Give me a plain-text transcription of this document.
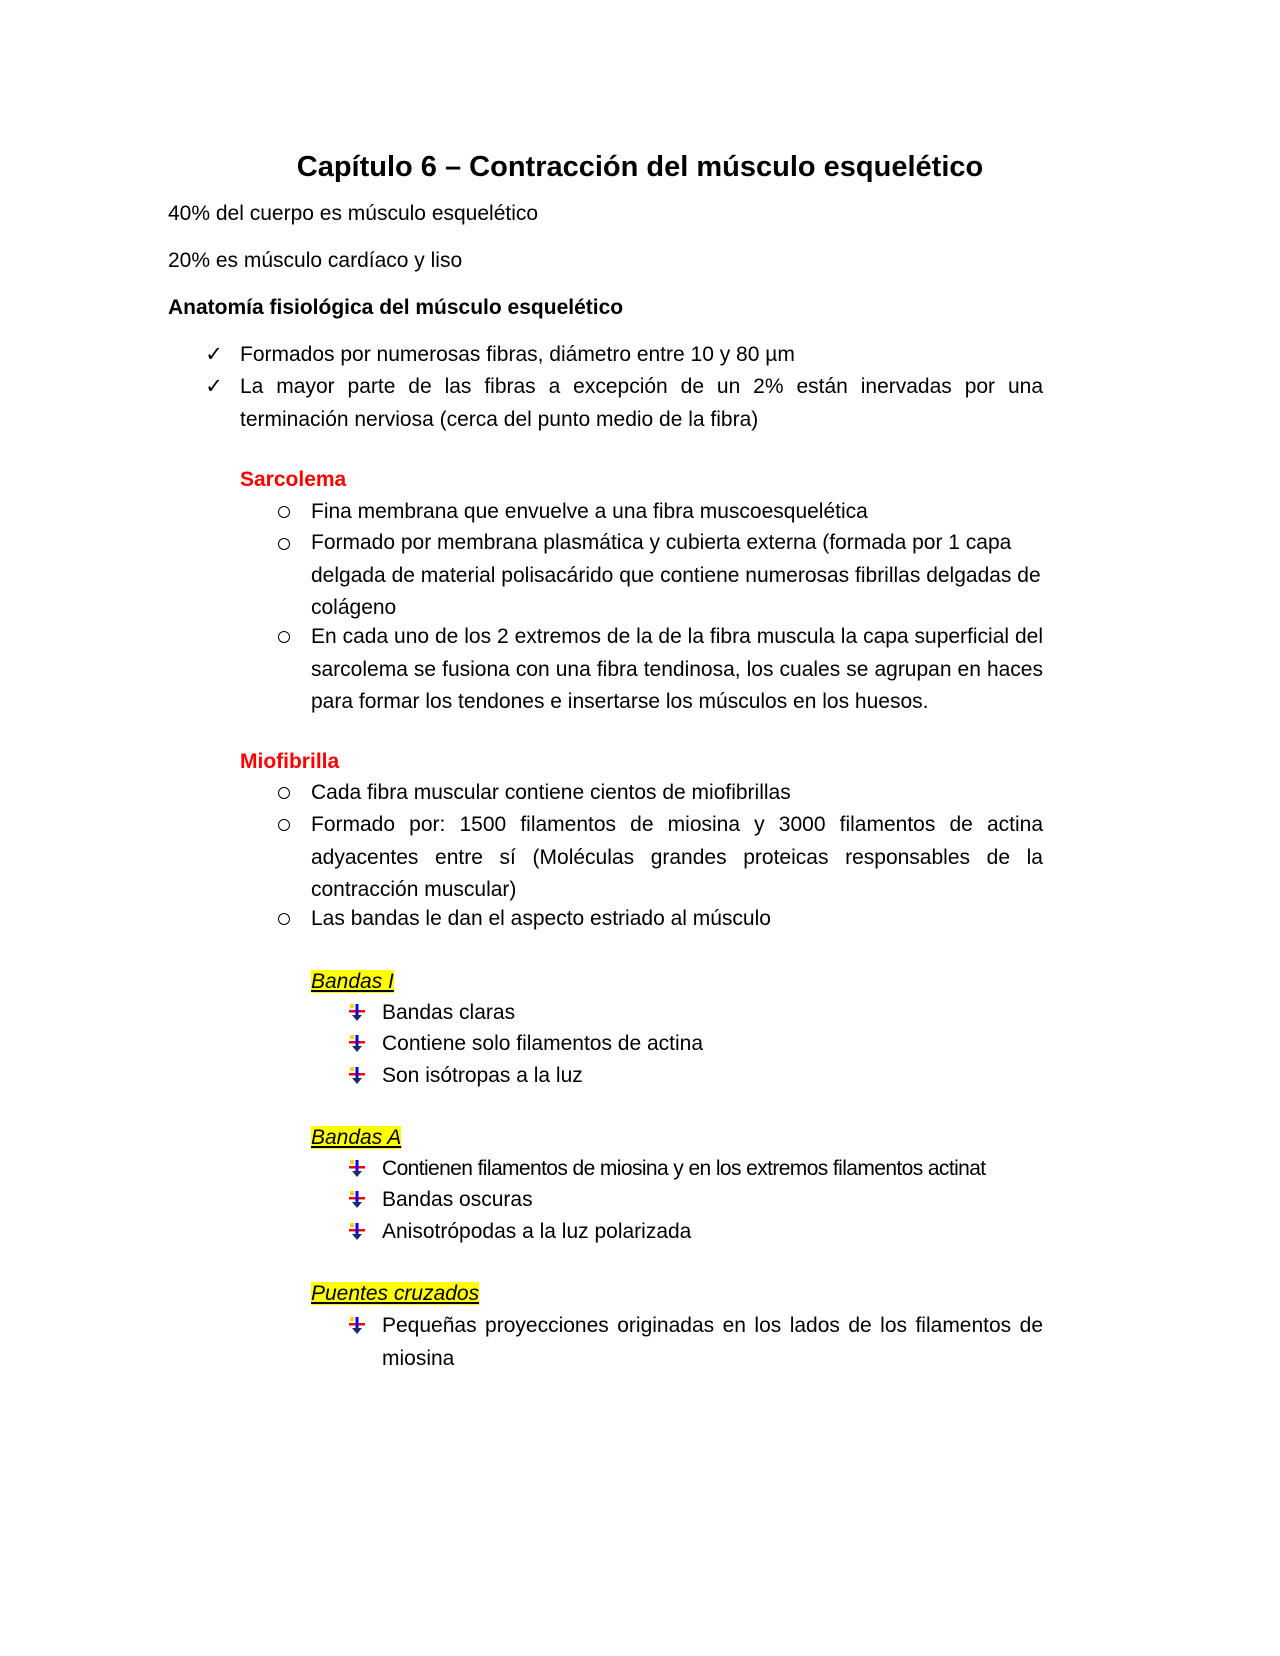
Capítulo 6 – Contracción del músculo esquelético
40% del cuerpo es músculo esquelético
20% es músculo cardíaco y liso
Anatomía fisiológica del músculo esquelético
✓ Formados por numerosas fibras, diámetro entre 10 y 80 µm
✓ La mayor parte de las fibras a excepción de un 2% están inervadas por una terminación nerviosa (cerca del punto medio de la fibra)
Sarcolema
Fina membrana que envuelve a una fibra muscoesquelética
Formado por membrana plasmática y cubierta externa (formada por 1 capa delgada de material polisacárido que contiene numerosas fibrillas delgadas de colágeno
En cada uno de los 2 extremos de la de la fibra muscula la capa superficial del sarcolema se fusiona con una fibra tendinosa, los cuales se agrupan en haces para formar los tendones e insertarse los músculos en los huesos.
Miofibrilla
Cada fibra muscular contiene cientos de miofibrillas
Formado por: 1500 filamentos de miosina y 3000 filamentos de actina adyacentes entre sí (Moléculas grandes proteicas responsables de la contracción muscular)
Las bandas le dan el aspecto estriado al músculo
Bandas I
Bandas claras
Contiene solo filamentos de actina
Son isótropas a la luz
Bandas A
Contienen filamentos de miosina y en los extremos filamentos actinat
Bandas oscuras
Anisotrópodas a la luz polarizada
Puentes cruzados
Pequeñas proyecciones originadas en los lados de los filamentos de miosina
